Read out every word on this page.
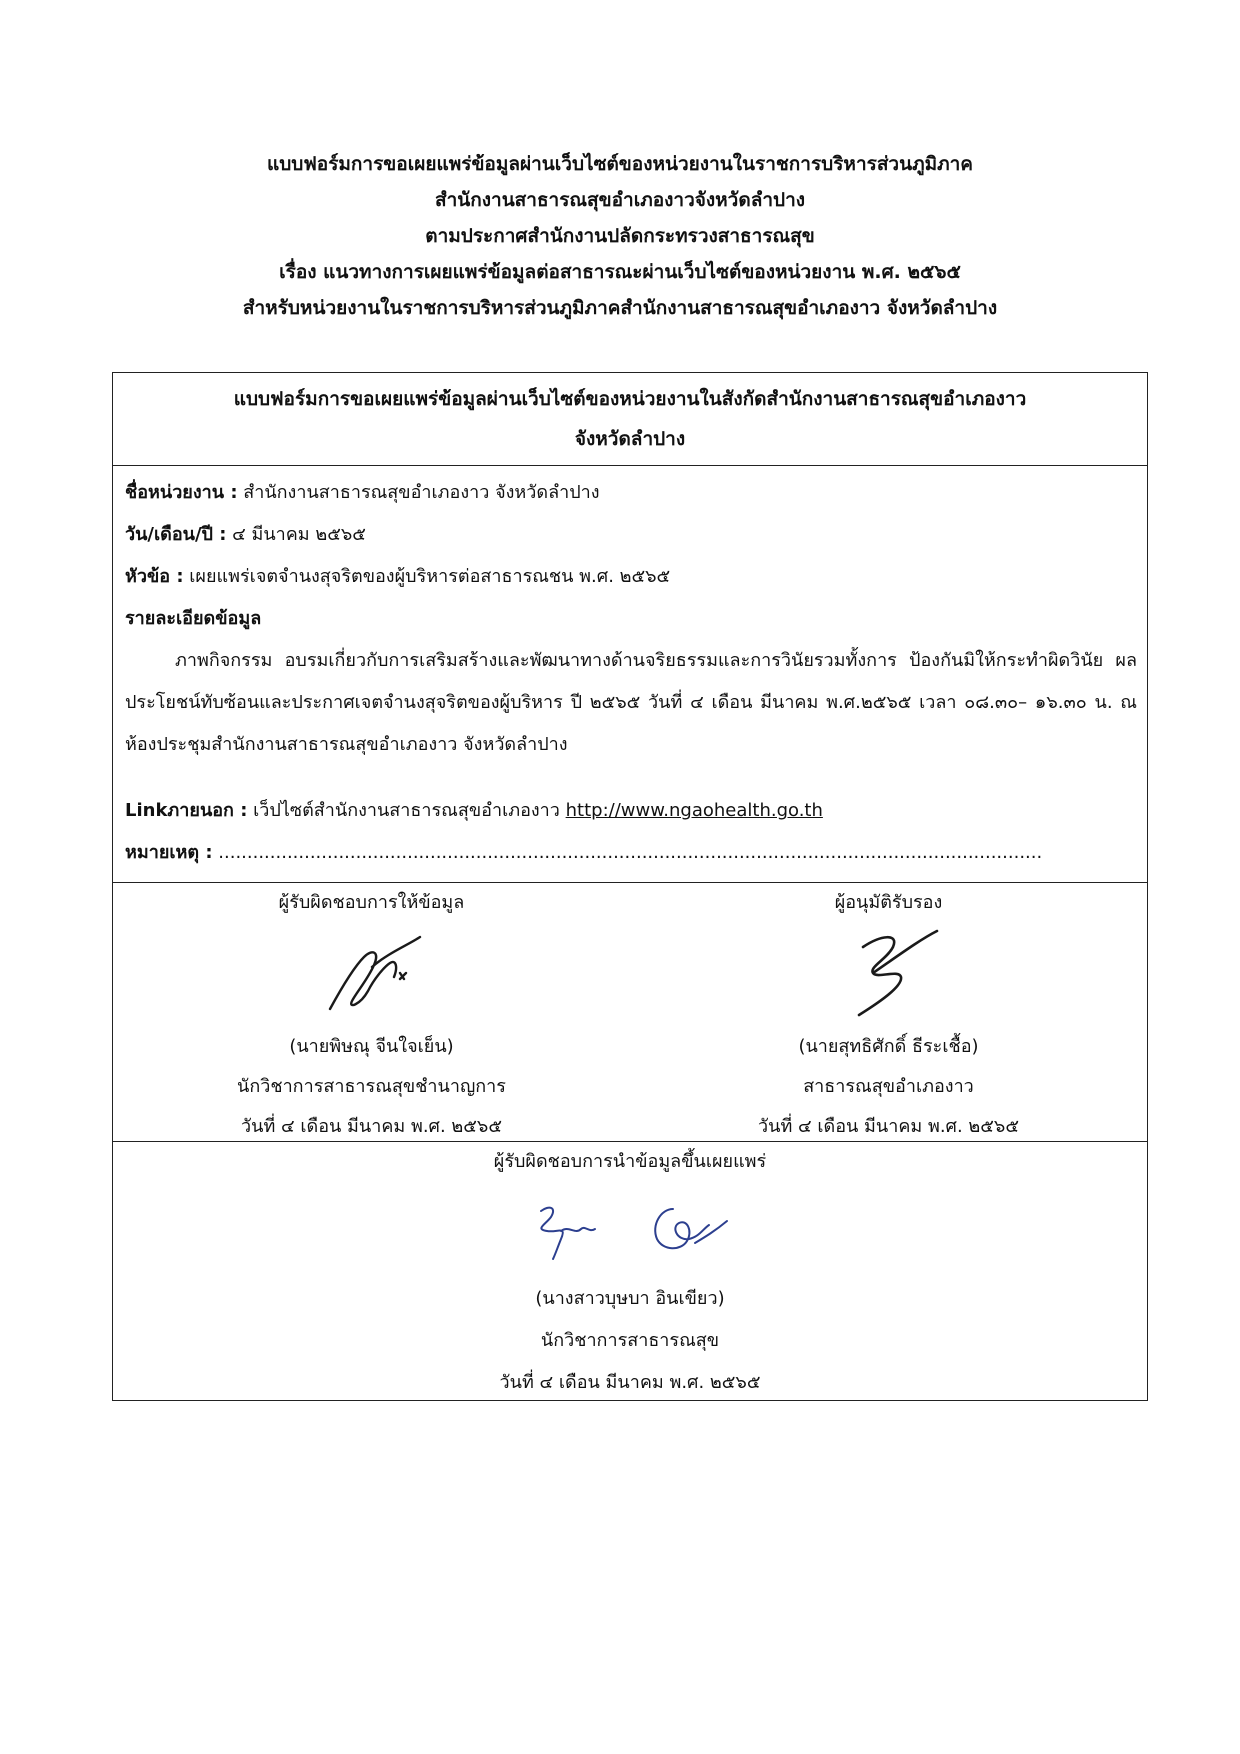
แบบฟอร์มการขอเผยแพร่ข้อมูลผ่านเว็บไซต์ของหน่วยงานในราชการบริหารส่วนภูมิภาค
สำนักงานสาธารณสุขอำเภองาวจังหวัดลำปาง
ตามประกาศสำนักงานปลัดกระทรวงสาธารณสุข
เรื่อง แนวทางการเผยแพร่ข้อมูลต่อสาธารณะผ่านเว็บไซต์ของหน่วยงาน พ.ศ. ๒๕๖๕
สำหรับหน่วยงานในราชการบริหารส่วนภูมิภาคสำนักงานสาธารณสุขอำเภองาว จังหวัดลำปาง
แบบฟอร์มการขอเผยแพร่ข้อมูลผ่านเว็บไซต์ของหน่วยงานในสังกัดสำนักงานสาธารณสุขอำเภองาว
จังหวัดลำปาง
ชื่อหน่วยงาน : สำนักงานสาธารณสุขอำเภองาว จังหวัดลำปาง
วัน/เดือน/ปี : ๔ มีนาคม ๒๕๖๕
หัวข้อ : เผยแพร่เจตจำนงสุจริตของผู้บริหารต่อสาธารณชน พ.ศ. ๒๕๖๕
รายละเอียดข้อมูล
ภาพกิจกรรม อบรมเกี่ยวกับการเสริมสร้างและพัฒนาทางด้านจริยธรรมและการวินัยรวมทั้งการ ป้องกันมิให้กระทำผิดวินัย ผลประโยชน์ทับซ้อนและประกาศเจตจำนงสุจริตของผู้บริหาร ปี ๒๕๖๕ วันที่ ๔ เดือน มีนาคม พ.ศ.๒๕๖๕ เวลา ๐๘.๓๐– ๑๖.๓๐ น. ณ ห้องประชุมสำนักงานสาธารณสุขอำเภองาว จังหวัดลำปาง
Linkภายนอก : เว็ปไซต์สำนักงานสาธารณสุขอำเภองาว http://www.ngaohealth.go.th
หมายเหตุ : ................................................................................................................................................
ผู้รับผิดชอบการให้ข้อมูล
(นายพิษณุ จีนใจเย็น)
นักวิชาการสาธารณสุขชำนาญการ
วันที่ ๔ เดือน มีนาคม พ.ศ. ๒๕๖๕
ผู้อนุมัติรับรอง
(นายสุทธิศักดิ์ ธีระเชื้อ)
สาธารณสุขอำเภองาว
วันที่ ๔ เดือน มีนาคม พ.ศ. ๒๕๖๕
ผู้รับผิดชอบการนำข้อมูลขึ้นเผยแพร่
(นางสาวบุษบา อินเขียว)
นักวิชาการสาธารณสุข
วันที่ ๔ เดือน มีนาคม พ.ศ. ๒๕๖๕
